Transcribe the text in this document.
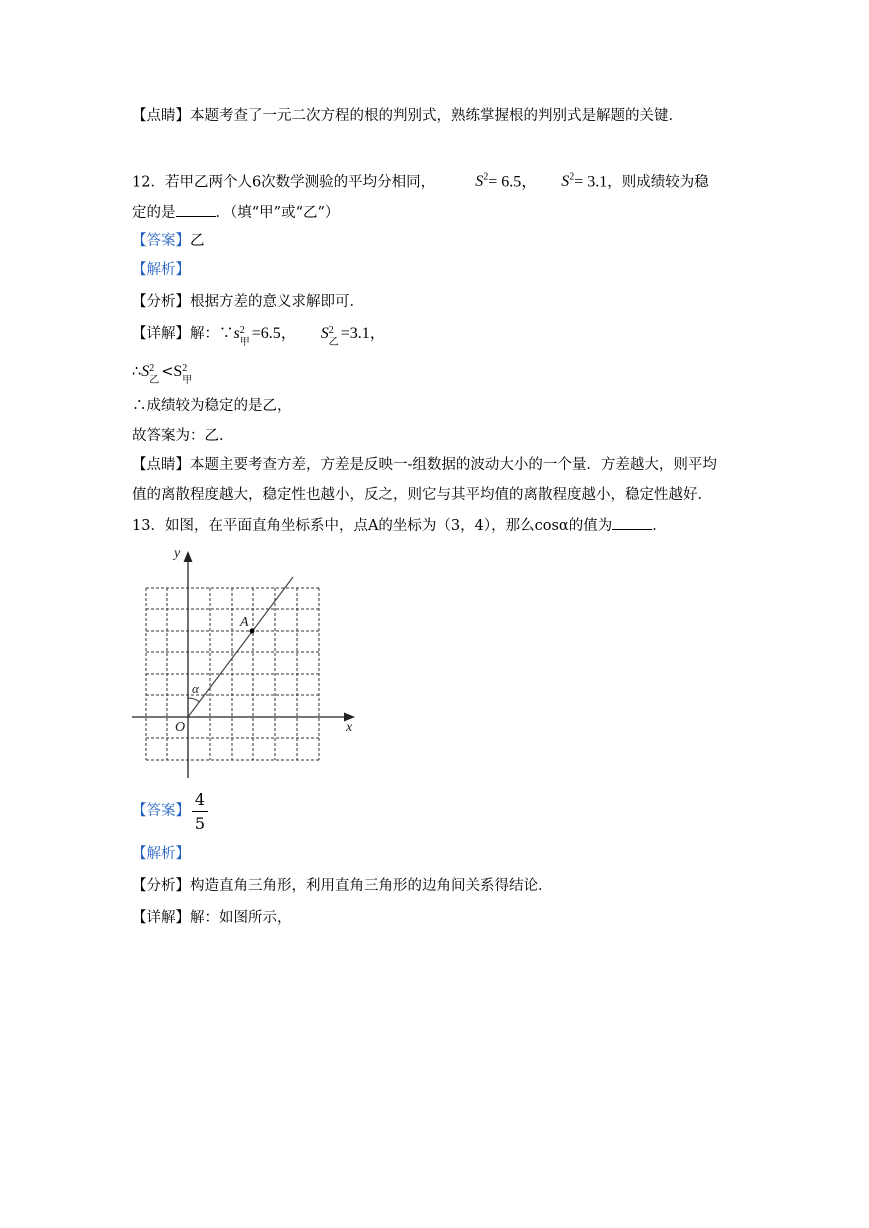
【点睛】本题考查了一元二次方程的根的判别式，熟练掌握根的判别式是解题的关键．
12．若甲乙两个人6次数学测验的平均分相同，	$S^2= 6.5$， $S^2= 3.1$，则成绩较为稳
定的是	．（填“甲”或“乙”）
【答案】乙
【解析】
【分析】根据方差的意义求解即可．
【详解】解：∵s 2
甲
=6.5， S 2
乙
=3.1，
∴S 2
乙
<S 2
甲
∴成绩较为稳定的是乙，
故答案为：乙．
【点睛】本题主要考查方差，方差是反映一-组数据的波动大小的一个量．方差越大，则平均
值的离散程度越大，稳定性也越小，反之，则它与其平均值的离散程度越小，稳定性越好．
13．如图，在平面直角坐标系中，点A的坐标为（3，4），那么cosα的值为	．
x
y
O
A
α
【答案】
4
5
【解析】
【分析】构造直角三角形，利用直角三角形的边角间关系得结论．
【详解】解：如图所示，
